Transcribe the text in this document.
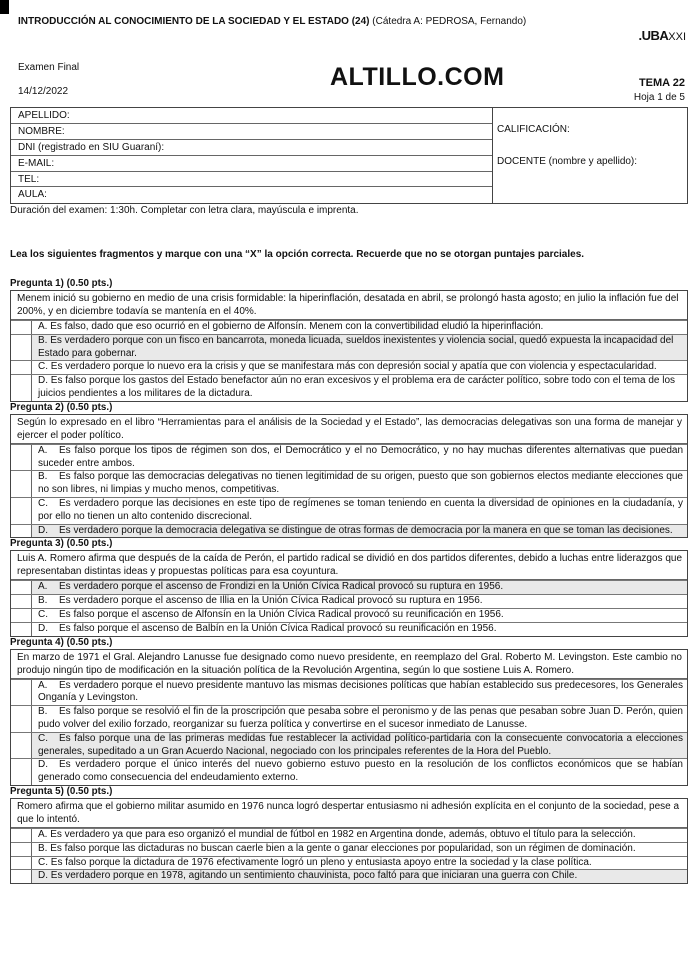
INTRODUCCIÓN AL CONOCIMIENTO DE LA SOCIEDAD Y EL ESTADO (24) (Cátedra A: PEDROSA, Fernando)
.UBAXXI
Examen Final
14/12/2022
ALTILLO.COM	TEMA 22
Hoja 1 de 5
APELLIDO:
NOMBRE:
DNI (registrado en SIU Guaraní):
E-MAIL:
TEL:
AULA:
CALIFICACIÓN:
DOCENTE (nombre y apellido):
Duración del examen: 1:30h. Completar con letra clara, mayúscula e imprenta.
Lea los siguientes fragmentos y marque con una “X” la opción correcta. Recuerde que no se otorgan puntajes parciales.
Pregunta 1) (0.50 pts.)
Menem inició su gobierno en medio de una crisis formidable: la hiperinflación, desatada en abril, se prolongó hasta agosto; en julio la inflación fue del 200%, y en diciembre todavía se mantenía en el 40%.
A. Es falso, dado que eso ocurrió en el gobierno de Alfonsín. Menem con la convertibilidad eludió la hiperinflación.
B. Es verdadero porque con un fisco en bancarrota, moneda licuada, sueldos inexistentes y violencia social, quedó expuesta la incapacidad del Estado para gobernar.
C. Es verdadero porque lo nuevo era la crisis y que se manifestara más con depresión social y apatía que con violencia y espectacularidad.
D. Es falso porque los gastos del Estado benefactor aún no eran excesivos y el problema era de carácter político, sobre todo con el tema de los juicios pendientes a los militares de la dictadura.
Pregunta 2) (0.50 pts.)
Según lo expresado en el libro “Herramientas para el análisis de la Sociedad y el Estado”, las democracias delegativas son una forma de manejar y ejercer el poder político.
A. Es falso porque los tipos de régimen son dos, el Democrático y el no Democrático, y no hay muchas diferentes alternativas que puedan suceder entre ambos.
B. Es falso porque las democracias delegativas no tienen legitimidad de su origen, puesto que son gobiernos electos mediante elecciones que no son libres, ni limpias y mucho menos, competitivas.
C. Es verdadero porque las decisiones en este tipo de regímenes se toman teniendo en cuenta la diversidad de opiniones en la ciudadanía, y por ello no tienen un alto contenido discrecional.
D. Es verdadero porque la democracia delegativa se distingue de otras formas de democracia por la manera en que se toman las decisiones.
Pregunta 3) (0.50 pts.)
Luis A. Romero afirma que después de la caída de Perón, el partido radical se dividió en dos partidos diferentes, debido a luchas entre liderazgos que representaban distintas ideas y propuestas políticas para esa coyuntura.
A. Es verdadero porque el ascenso de Frondizi en la Unión Cívica Radical provocó su ruptura en 1956.
B. Es verdadero porque el ascenso de Illia en la Unión Cívica Radical provocó su ruptura en 1956.
C. Es falso porque el ascenso de Alfonsín en la Unión Cívica Radical provocó su reunificación en 1956.
D. Es falso porque el ascenso de Balbín en la Unión Cívica Radical provocó su reunificación en 1956.
Pregunta 4) (0.50 pts.)
En marzo de 1971 el Gral. Alejandro Lanusse fue designado como nuevo presidente, en reemplazo del Gral. Roberto M. Levingston. Este cambio no produjo ningún tipo de modificación en la situación política de la Revolución Argentina, según lo que sostiene Luis A. Romero.
A. Es verdadero porque el nuevo presidente mantuvo las mismas decisiones políticas que habían establecido sus predecesores, los Generales Onganía y Levingston.
B. Es falso porque se resolvió el fin de la proscripción que pesaba sobre el peronismo y de las penas que pesaban sobre Juan D. Perón, quien pudo volver del exilio forzado, reorganizar su fuerza política y convertirse en el sucesor inmediato de Lanusse.
C. Es falso porque una de las primeras medidas fue restablecer la actividad político-partidaria con la consecuente convocatoria a elecciones generales, supeditado a un Gran Acuerdo Nacional, negociado con los principales referentes de la Hora del Pueblo.
D. Es verdadero porque el único interés del nuevo gobierno estuvo puesto en la resolución de los conflictos económicos que se habían generado como consecuencia del endeudamiento externo.
Pregunta 5) (0.50 pts.)
Romero afirma que el gobierno militar asumido en 1976 nunca logró despertar entusiasmo ni adhesión explícita en el conjunto de la sociedad, pese a que lo intentó.
A. Es verdadero ya que para eso organizó el mundial de fútbol en 1982 en Argentina donde, además, obtuvo el título para la selección.
B. Es falso porque las dictaduras no buscan caerle bien a la gente o ganar elecciones por popularidad, son un régimen de dominación.
C. Es falso porque la dictadura de 1976 efectivamente logró un pleno y entusiasta apoyo entre la sociedad y la clase política.
D. Es verdadero porque en 1978, agitando un sentimiento chauvinista, poco faltó para que iniciaran una guerra con Chile.
